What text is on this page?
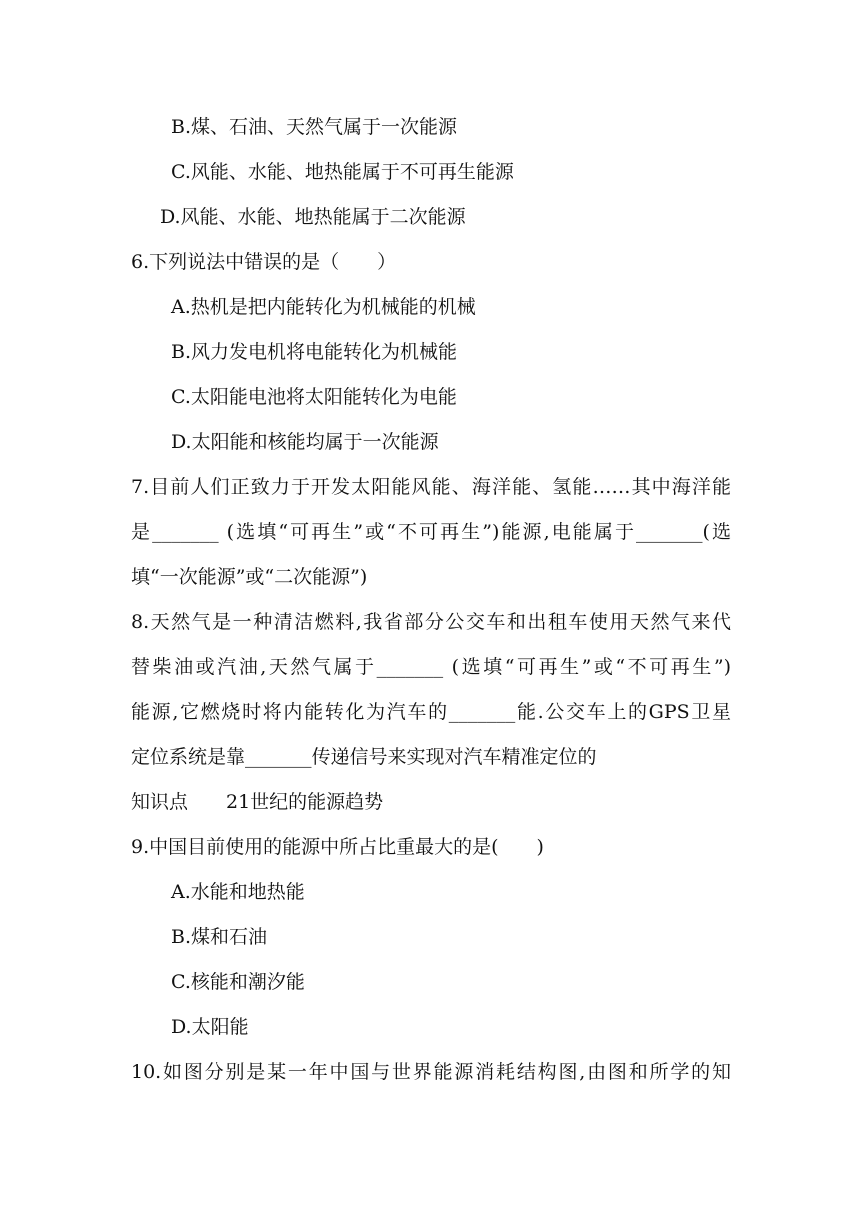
B.煤、石油、天然气属于一次能源
C.风能、水能、地热能属于不可再生能源
D.风能、水能、地热能属于二次能源
6.下列说法中错误的是（　　）
A.热机是把内能转化为机械能的机械
B.风力发电机将电能转化为机械能
C.太阳能电池将太阳能转化为电能
D.太阳能和核能均属于一次能源
7.目前人们正致力于开发太阳能风能、海洋能、氢能……其中海洋能
是_______ (选填“可再生”或“不可再生”)能源,电能属于_______(选
填“一次能源”或“二次能源”)
8.天然气是一种清洁燃料,我省部分公交车和出租车使用天然气来代
替柴油或汽油,天然气属于_______ (选填“可再生”或“不可再生”)
能源,它燃烧时将内能转化为汽车的_______能.公交车上的GPS卫星
定位系统是靠_______传递信号来实现对汽车精准定位的
知识点　　21世纪的能源趋势
9.中国目前使用的能源中所占比重最大的是(　　)
A.水能和地热能
B.煤和石油
C.核能和潮汐能
D.太阳能
10.如图分别是某一年中国与世界能源消耗结构图,由图和所学的知
